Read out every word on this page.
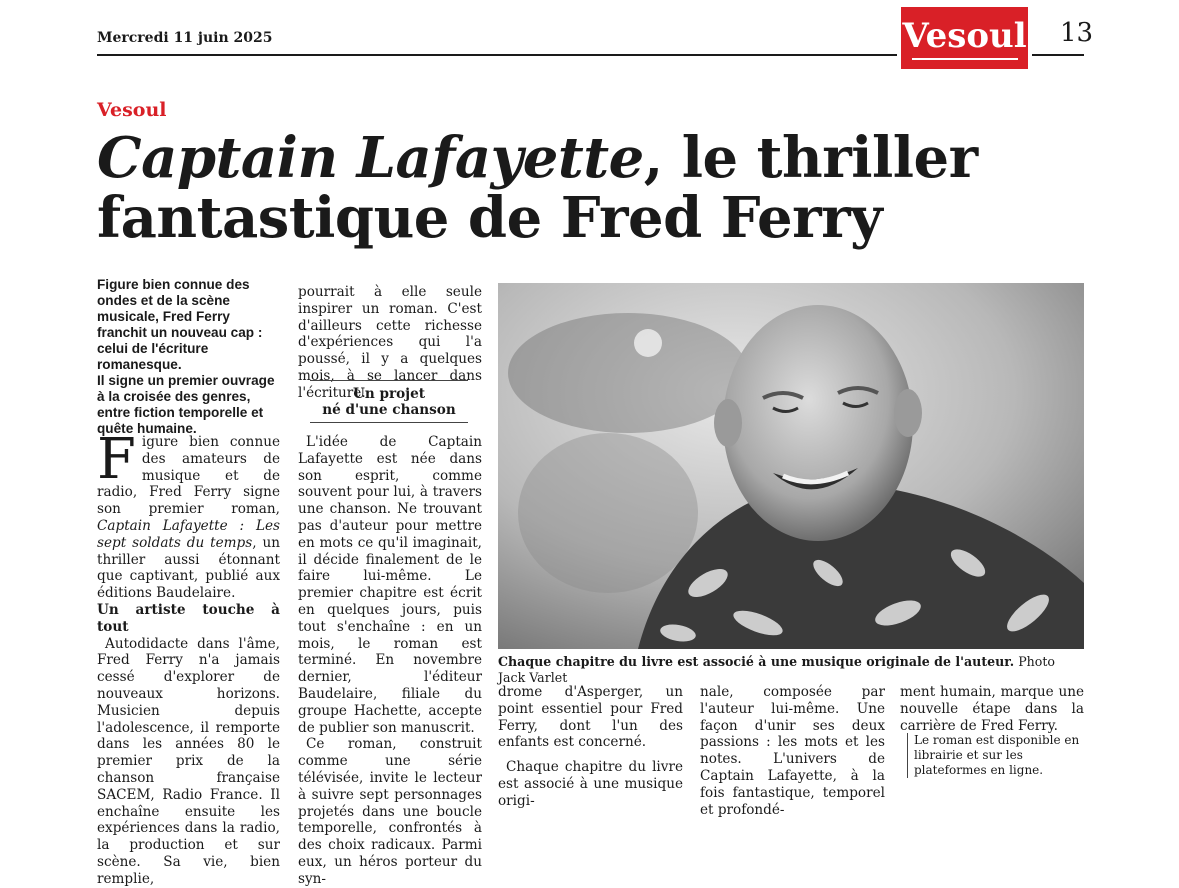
Mercredi 11 juin 2025	Vesoul 13
Vesoul
Captain Lafayette, le thriller
fantastique de Fred Ferry

Figure bien connue des ondes et de la scène musicale, Fred Ferry franchit un nouveau cap : celui de l'écriture romanesque.

Il signe un premier ouvrage à la croisée des genres, entre fiction temporelle et quête humaine.

Figure bien connue des amateurs de musique et de radio, Fred Ferry signe son premier roman, Captain Lafayette : Les sept soldats du temps, un thriller aussi étonnant que captivant, publié aux éditions Baudelaire.

Un artiste touche à tout

Autodidacte dans l'âme, Fred Ferry n'a jamais cessé d'explorer de nouveaux horizons. Musicien depuis l'adolescence, il remporte dans les années 80 le premier prix de la chanson française SACEM, Radio France. Il enchaîne ensuite les expériences dans la radio, la production et sur scène. Sa vie, bien remplie,

pourrait à elle seule inspirer un roman. C'est d'ailleurs cette richesse d'expériences qui l'a poussé, il y a quelques mois, à se lancer dans l'écriture.

Un projet
né d'une chanson

L'idée de Captain Lafayette est née dans son esprit, comme souvent pour lui, à travers une chanson. Ne trouvant pas d'auteur pour mettre en mots ce qu'il imaginait, il décide finalement de le faire lui-même. Le premier chapitre est écrit en quelques jours, puis tout s'enchaîne : en un mois, le roman est terminé. En novembre dernier, l'éditeur Baudelaire, filiale du groupe Hachette, accepte de publier son manuscrit.

Ce roman, construit comme une série télévisée, invite le lecteur à suivre sept personnages projetés dans une boucle temporelle, confrontés à des choix radicaux. Parmi eux, un héros porteur du syn-

Chaque chapitre du livre est associé à une musique originale de l'auteur. Photo Jack Varlet

drome d'Asperger, un point essentiel pour Fred Ferry, dont l'un des enfants est concerné.

Chaque chapitre du livre est associé à une musique origi-

nale, composée par l'auteur lui-même. Une façon d'unir ses deux passions : les mots et les notes. L'univers de Captain Lafayette, à la fois fantastique, temporel et profondé-

ment humain, marque une nouvelle étape dans la carrière de Fred Ferry.

Le roman est disponible en librairie et sur les plateformes en ligne.
